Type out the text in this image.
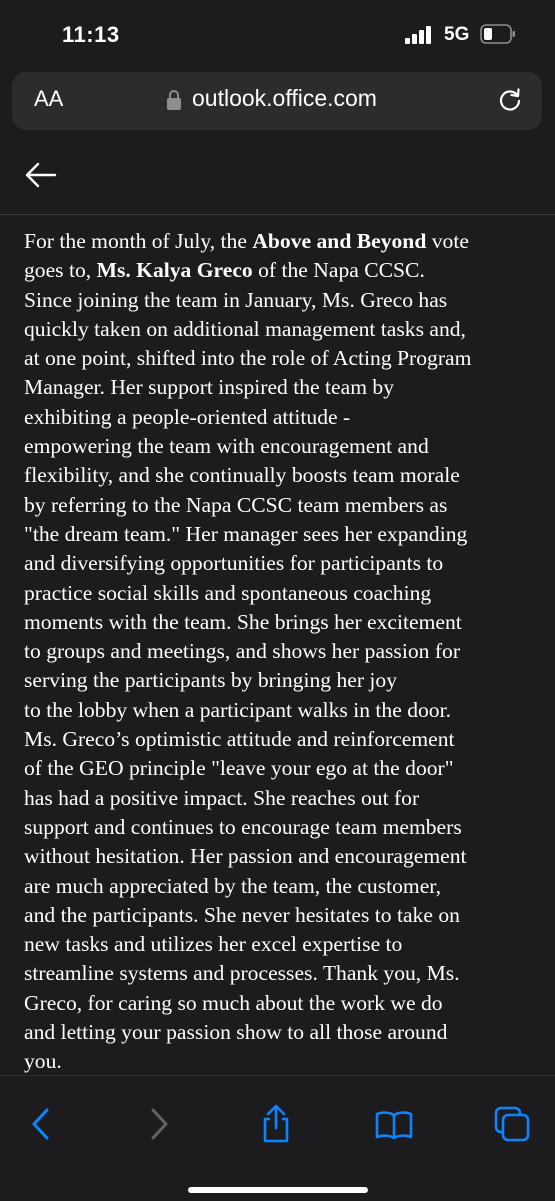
11:13	5G
AA	outlook.office.com
For the month of July, the Above and Beyond vote
goes to, Ms. Kalya Greco of the Napa CCSC.
Since joining the team in January, Ms. Greco has
quickly taken on additional management tasks and,
at one point, shifted into the role of Acting Program
Manager. Her support inspired the team by
exhibiting a people-oriented attitude -
empowering the team with encouragement and
flexibility, and she continually boosts team morale
by referring to the Napa CCSC team members as
"the dream team." Her manager sees her expanding
and diversifying opportunities for participants to
practice social skills and spontaneous coaching
moments with the team. She brings her excitement
to groups and meetings, and shows her passion for
serving the participants by bringing her joy
to the lobby when a participant walks in the door.
Ms. Greco’s optimistic attitude and reinforcement
of the GEO principle "leave your ego at the door"
has had a positive impact. She reaches out for
support and continues to encourage team members
without hesitation. Her passion and encouragement
are much appreciated by the team, the customer,
and the participants. She never hesitates to take on
new tasks and utilizes her excel expertise to
streamline systems and processes. Thank you, Ms.
Greco, for caring so much about the work we do
and letting your passion show to all those around
you.
